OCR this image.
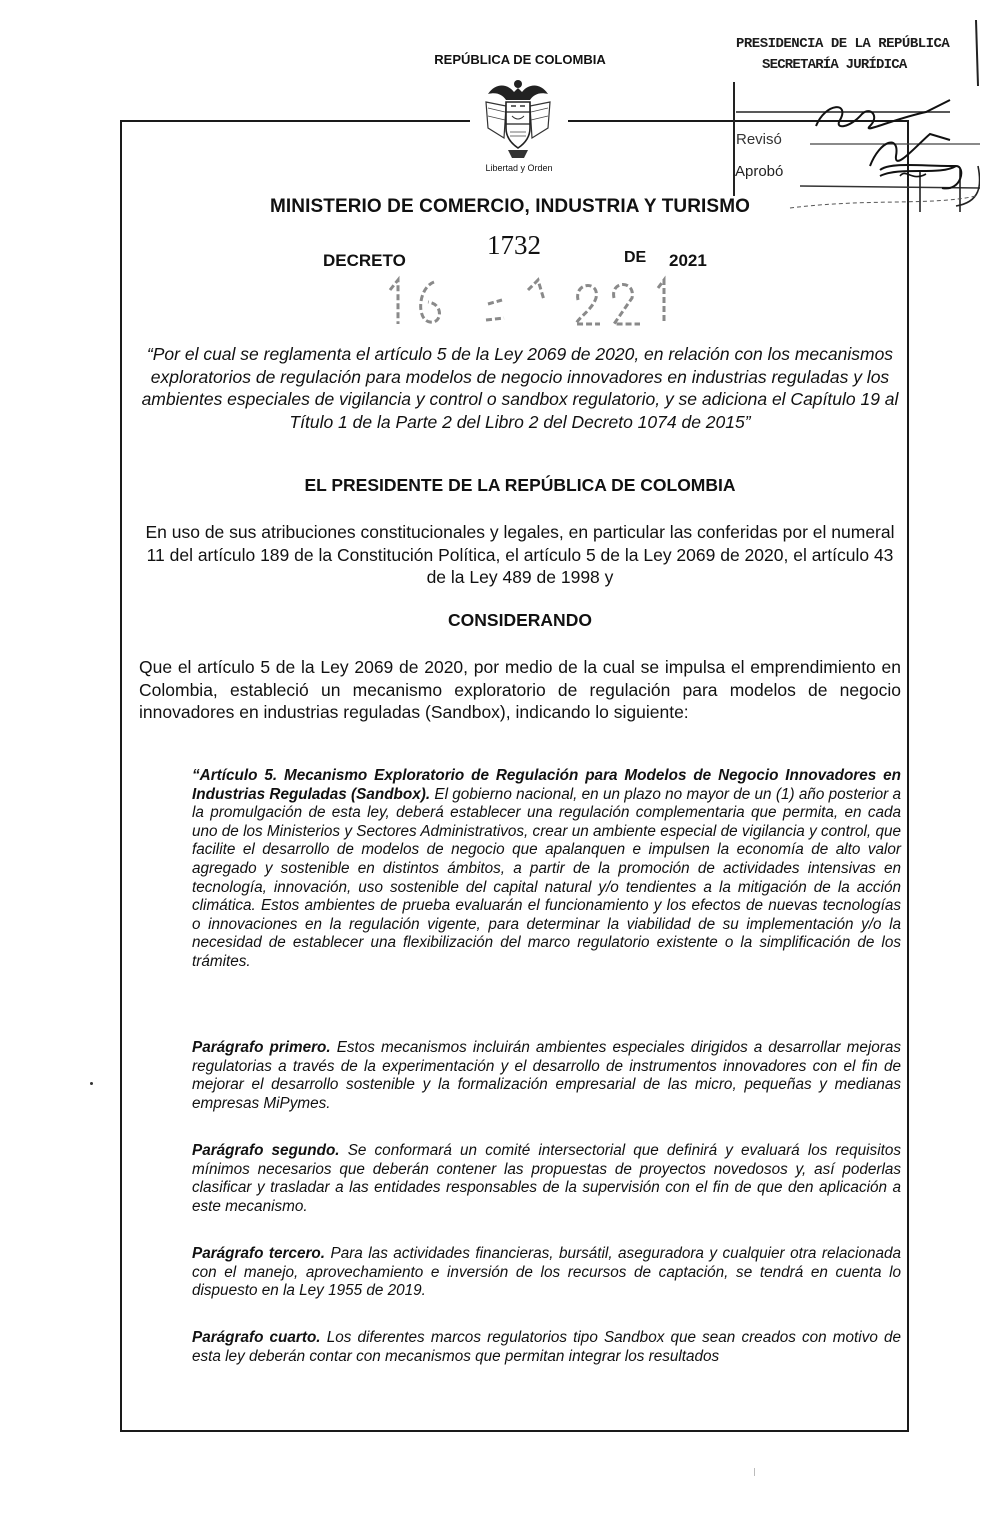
REPÚBLICA DE COLOMBIA
Libertad y Orden
MINISTERIO DE COMERCIO, INDUSTRIA Y TURISMO
DECRETO
1732	DE 2021
“Por el cual se reglamenta el artículo 5 de la Ley 2069 de 2020, en relación con los mecanismos exploratorios de regulación para modelos de negocio innovadores en industrias reguladas y los ambientes especiales de vigilancia y control o sandbox regulatorio, y se adiciona el Capítulo 19 al Título 1 de la Parte 2 del Libro 2 del Decreto 1074 de 2015”
EL PRESIDENTE DE LA REPÚBLICA DE COLOMBIA
En uso de sus atribuciones constitucionales y legales, en particular las conferidas por el numeral 11 del artículo 189 de la Constitución Política, el artículo 5 de la Ley 2069 de 2020, el artículo 43 de la Ley 489 de 1998 y
CONSIDERANDO
Que el artículo 5 de la Ley 2069 de 2020, por medio de la cual se impulsa el emprendimiento en Colombia, estableció un mecanismo exploratorio de regulación para modelos de negocio innovadores en industrias reguladas (Sandbox), indicando lo siguiente:
“Artículo 5. Mecanismo Exploratorio de Regulación para Modelos de Negocio Innovadores en Industrias Reguladas (Sandbox). El gobierno nacional, en un plazo no mayor de un (1) año posterior a la promulgación de esta ley, deberá establecer una regulación complementaria que permita, en cada uno de los Ministerios y Sectores Administrativos, crear un ambiente especial de vigilancia y control, que facilite el desarrollo de modelos de negocio que apalanquen e impulsen la economía de alto valor agregado y sostenible en distintos ámbitos, a partir de la promoción de actividades intensivas en tecnología, innovación, uso sostenible del capital natural y/o tendientes a la mitigación de la acción climática. Estos ambientes de prueba evaluarán el funcionamiento y los efectos de nuevas tecnologías o innovaciones en la regulación vigente, para determinar la viabilidad de su implementación y/o la necesidad de establecer una flexibilización del marco regulatorio existente o la simplificación de los trámites.
Parágrafo primero. Estos mecanismos incluirán ambientes especiales dirigidos a desarrollar mejoras regulatorias a través de la experimentación y el desarrollo de instrumentos innovadores con el fin de mejorar el desarrollo sostenible y la formalización empresarial de las micro, pequeñas y medianas empresas MiPymes.
Parágrafo segundo. Se conformará un comité intersectorial que definirá y evaluará los requisitos mínimos necesarios que deberán contener las propuestas de proyectos novedosos y, así poderlas clasificar y trasladar a las entidades responsables de la supervisión con el fin de que den aplicación a este mecanismo.
Parágrafo tercero. Para las actividades financieras, bursátil, aseguradora y cualquier otra relacionada con el manejo, aprovechamiento e inversión de los recursos de captación, se tendrá en cuenta lo dispuesto en la Ley 1955 de 2019.
Parágrafo cuarto. Los diferentes marcos regulatorios tipo Sandbox que sean creados con motivo de esta ley deberán contar con mecanismos que permitan integrar los resultados
PRESIDENCIA DE LA REPÚBLICA
SECRETARÍA JURÍDICA
Revisó
Aprobó
